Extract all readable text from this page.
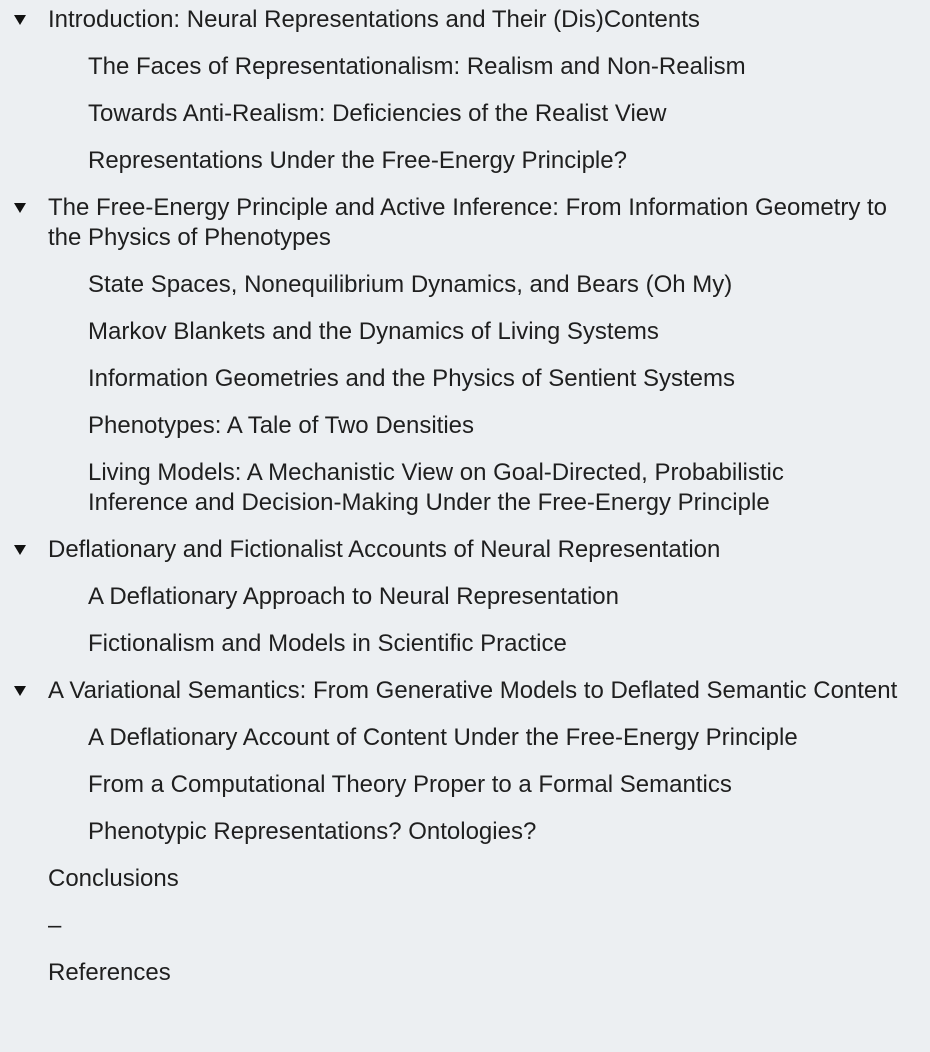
Introduction: Neural Representations and Their (Dis)Contents
The Faces of Representationalism: Realism and Non-Realism
Towards Anti-Realism: Deficiencies of the Realist View
Representations Under the Free-Energy Principle?
The Free-Energy Principle and Active Inference: From Information Geometry to the Physics of Phenotypes
State Spaces, Nonequilibrium Dynamics, and Bears (Oh My)
Markov Blankets and the Dynamics of Living Systems
Information Geometries and the Physics of Sentient Systems
Phenotypes: A Tale of Two Densities
Living Models: A Mechanistic View on Goal-Directed, Probabilistic Inference and Decision-Making Under the Free-Energy Principle
Deflationary and Fictionalist Accounts of Neural Representation
A Deflationary Approach to Neural Representation
Fictionalism and Models in Scientific Practice
A Variational Semantics: From Generative Models to Deflated Semantic Content
A Deflationary Account of Content Under the Free-Energy Principle
From a Computational Theory Proper to a Formal Semantics
Phenotypic Representations? Ontologies?
Conclusions
–
References
